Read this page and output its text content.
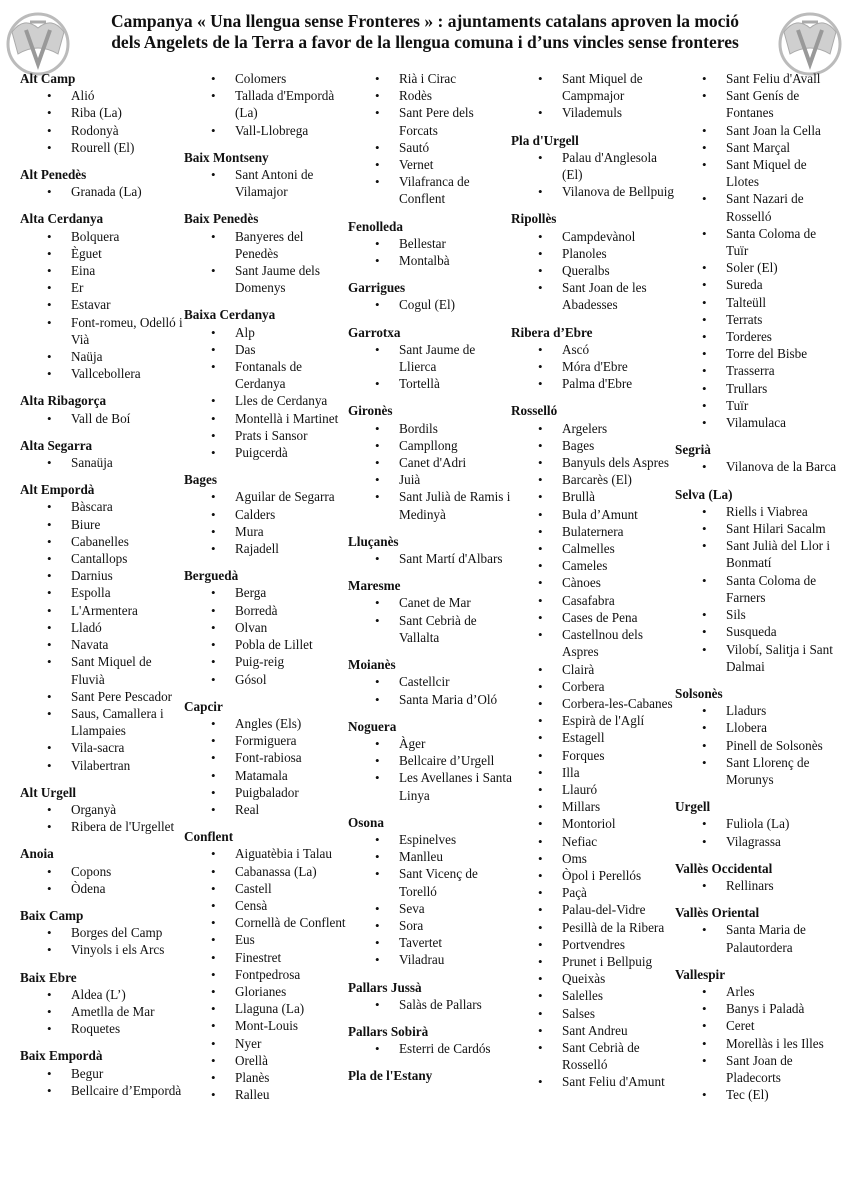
Campanya « Una llengua sense Fronteres » : ajuntaments catalans aproven la moció
dels Angelets de la Terra a favor de la llengua comuna i d’uns vincles sense fronteres
Alt Camp
• Alió
• Riba (La)
• Rodonyà
• Rourell (El)
Alt Penedès
• Granada (La)
Alta Cerdanya
• Bolquera
• Èguet
• Eina
• Er
• Estavar
• Font-romeu, Odelló i Vià
• Naüja
• Vallcebollera
Alta Ribagorça
• Vall de Boí
Alta Segarra
• Sanaüja
Alt Empordà
• Bàscara
• Biure
• Cabanelles
• Cantallops
• Darnius
• Espolla
• L'Armentera
• Lladó
• Navata
• Sant Miquel de Fluvià
• Sant Pere Pescador
• Saus, Camallera i Llampaies
• Vila-sacra
• Vilabertran
Alt Urgell
• Organyà
• Ribera de l'Urgellet
Anoia
• Copons
• Òdena
Baix Camp
• Borges del Camp
• Vinyols i els Arcs
Baix Ebre
• Aldea (L’)
• Ametlla de Mar
• Roquetes
Baix Empordà
• Begur
• Bellcaire d’Empordà
• Colomers
• Tallada d'Empordà (La)
• Vall-Llobrega
Baix Montseny
• Sant Antoni de Vilamajor
Baix Penedès
• Banyeres del Penedès
• Sant Jaume dels Domenys
Baixa Cerdanya
• Alp
• Das
• Fontanals de Cerdanya
• Lles de Cerdanya
• Montellà i Martinet
• Prats i Sansor
• Puigcerdà
Bages
• Aguilar de Segarra
• Calders
• Mura
• Rajadell
Berguedà
• Berga
• Borredà
• Olvan
• Pobla de Lillet
• Puig-reig
• Gósol
Capcir
• Angles (Els)
• Formiguera
• Font-rabiosa
• Matamala
• Puigbalador
• Real
Conflent
• Aiguatèbia i Talau
• Cabanassa (La)
• Castell
• Censà
• Cornellà de Conflent
• Eus
• Finestret
• Fontpedrosa
• Glorianes
• Llaguna (La)
• Mont-Louis
• Nyer
• Orellà
• Planès
• Ralleu
• Rià i Cirac
• Rodès
• Sant Pere dels Forcats
• Sautó
• Vernet
• Vilafranca de Conflent
Fenolleda
• Bellestar
• Montalbà
Garrigues
• Cogul (El)
Garrotxa
• Sant Jaume de Llierca
• Tortellà
Gironès
• Bordils
• Campllong
• Canet d'Adri
• Juià
• Sant Julià de Ramis i Medinyà
Lluçanès
• Sant Martí d'Albars
Maresme
• Canet de Mar
• Sant Cebrià de Vallalta
Moianès
• Castellcir
• Santa Maria d’Oló
Noguera
• Àger
• Bellcaire d’Urgell
• Les Avellanes i Santa Linya
Osona
• Espinelves
• Manlleu
• Sant Vicenç de Torelló
• Seva
• Sora
• Tavertet
• Viladrau
Pallars Jussà
• Salàs de Pallars
Pallars Sobirà
• Esterri de Cardós
Pla de l'Estany
• Sant Miquel de Campmajor
• Vilademuls
Pla d'Urgell
• Palau d'Anglesola (El)
• Vilanova de Bellpuig
Ripollès
• Campdevànol
• Planoles
• Queralbs
• Sant Joan de les Abadesses
Ribera d’Ebre
• Ascó
• Móra d'Ebre
• Palma d'Ebre
Rosselló
• Argelers
• Bages
• Banyuls dels Aspres
• Barcarès (El)
• Brullà
• Bula d’Amunt
• Bulaternera
• Calmelles
• Cameles
• Cànoes
• Casafabra
• Cases de Pena
• Castellnou dels Aspres
• Clairà
• Corbera
• Corbera-les-Cabanes
• Espirà de l'Aglí
• Estagell
• Forques
• Illa
• Llauró
• Millars
• Montoriol
• Nefiac
• Oms
• Òpol i Perellós
• Paçà
• Palau-del-Vidre
• Pesillà de la Ribera
• Portvendres
• Prunet i Bellpuig
• Queixàs
• Salelles
• Salses
• Sant Andreu
• Sant Cebrià de Rosselló
• Sant Feliu d'Amunt
• Sant Feliu d'Avall
• Sant Genís de Fontanes
• Sant Joan la Cella
• Sant Marçal
• Sant Miquel de Llotes
• Sant Nazari de Rosselló
• Santa Coloma de Tuïr
• Soler (El)
• Sureda
• Talteüll
• Terrats
• Torderes
• Torre del Bisbe
• Trasserra
• Trullars
• Tuïr
• Vilamulaca
Segrià
• Vilanova de la Barca
Selva (La)
• Riells i Viabrea
• Sant Hilari Sacalm
• Sant Julià del Llor i Bonmatí
• Santa Coloma de Farners
• Sils
• Susqueda
• Vilobí, Salitja i Sant Dalmai
Solsonès
• Lladurs
• Llobera
• Pinell de Solsonès
• Sant Llorenç de Morunys
Urgell
• Fuliola (La)
• Vilagrassa
Vallès Occidental
• Rellinars
Vallès Oriental
• Santa Maria de Palautordera
Vallespir
• Arles
• Banys i Paladà
• Ceret
• Morellàs i les Illes
• Sant Joan de Pladecorts
• Tec (El)
